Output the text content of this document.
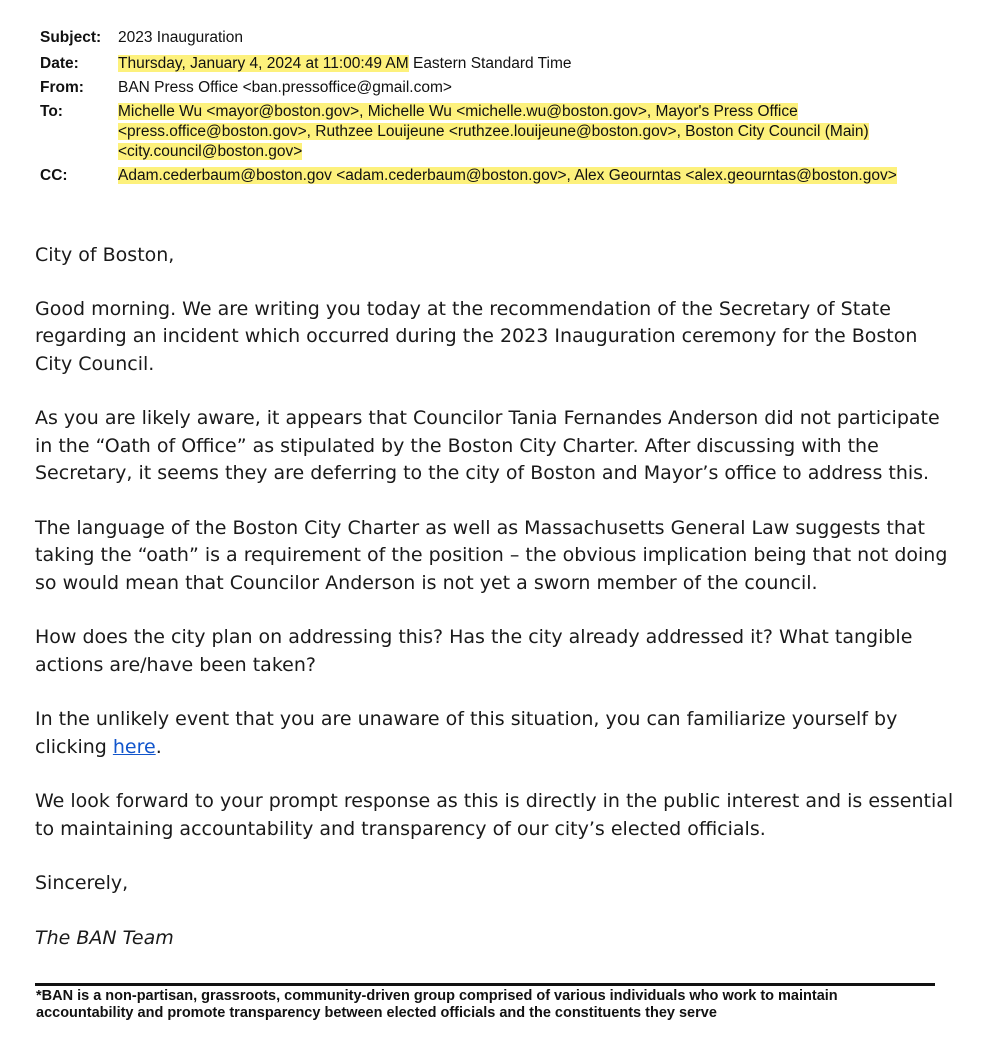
Subject:	2023 Inauguration
Date:	Thursday, January 4, 2024 at 11:00:49 AM Eastern Standard Time
From:	BAN Press Office <ban.pressoffice@gmail.com>
To:	Michelle Wu <mayor@boston.gov>, Michelle Wu <michelle.wu@boston.gov>, Mayor's Press Office <press.office@boston.gov>, Ruthzee Louijeune <ruthzee.louijeune@boston.gov>, Boston City Council (Main) <city.council@boston.gov>
CC:	Adam.cederbaum@boston.gov <adam.cederbaum@boston.gov>, Alex Geourntas <alex.geourntas@boston.gov>

City of Boston,

Good morning. We are writing you today at the recommendation of the Secretary of State regarding an incident which occurred during the 2023 Inauguration ceremony for the Boston City Council.

As you are likely aware, it appears that Councilor Tania Fernandes Anderson did not participate in the “Oath of Office” as stipulated by the Boston City Charter. After discussing with the Secretary, it seems they are deferring to the city of Boston and Mayor’s office to address this.

The language of the Boston City Charter as well as Massachusetts General Law suggests that taking the “oath” is a requirement of the position – the obvious implication being that not doing so would mean that Councilor Anderson is not yet a sworn member of the council.

How does the city plan on addressing this? Has the city already addressed it? What tangible actions are/have been taken?

In the unlikely event that you are unaware of this situation, you can familiarize yourself by clicking here.

We look forward to your prompt response as this is directly in the public interest and is essential to maintaining accountability and transparency of our city’s elected officials.

Sincerely,

The BAN Team

*BAN is a non-partisan, grassroots, community-driven group comprised of various individuals who work to maintain accountability and promote transparency between elected officials and the constituents they serve
